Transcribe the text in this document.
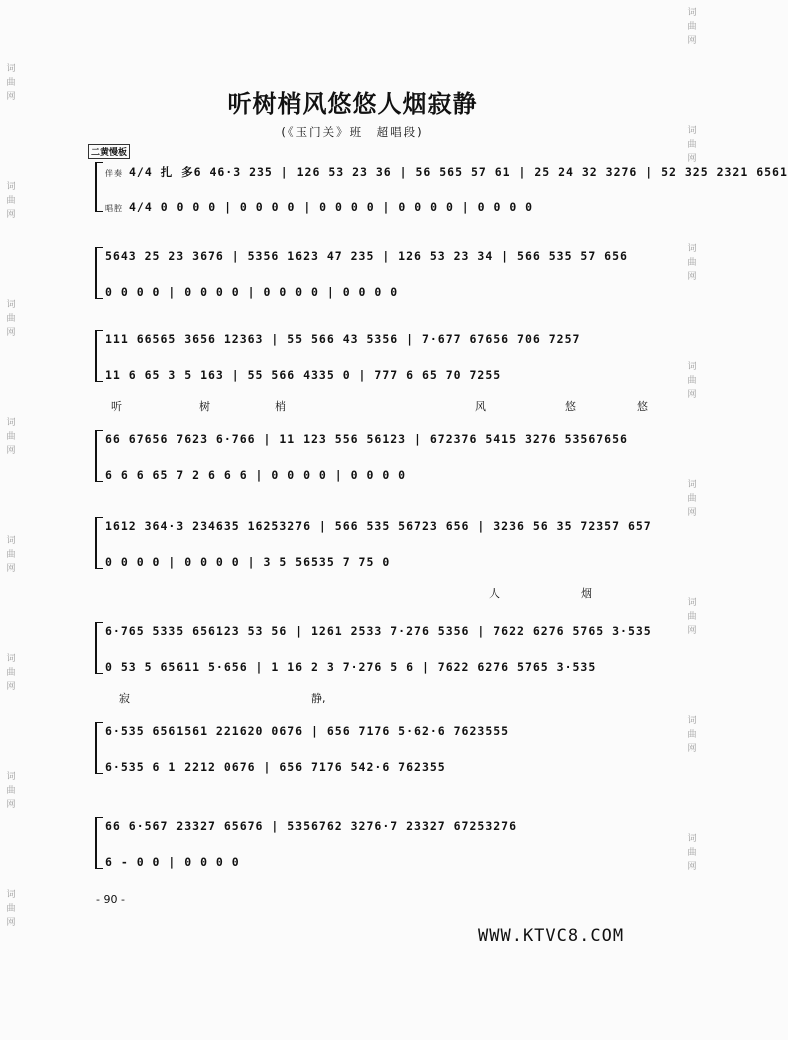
词
曲
网
词
曲
网
词
曲
网
词
曲
网
词
曲
网
词
曲
网
词
曲
网
词
曲
网
词
曲
网
词
曲
网
词
曲
网
词
曲
网
词
曲
网
词
曲
网
词
曲
网
词
曲
网
听树梢风悠悠人烟寂静
(《玉门关》班　超唱段)
二黄慢板
伴奏 4/4 扎 多6 46·3 235 | 126 53 23 36 | 56 565 57 61 | 25 24 32 3276 | 52 325 2321 6561
唱腔 4/4 0 0 0 0 | 0 0 0 0 | 0 0 0 0 | 0 0 0 0 | 0 0 0 0
5643 25 23 3676 | 5356 1623 47 235 | 126 53 23 34 | 566 535 57 656
0 0 0 0 | 0 0 0 0 | 0 0 0 0 | 0 0 0 0
111 66565 3656 12363 | 55 566 43 5356 | 7·677 67656 706 7257
11 6 65 3 5 163 | 55 566 4335 0 | 777 6 65 70 7255
听	树	梢	风	悠	悠
66 67656 7623 6·766 | 11 123 556 56123 | 672376 5415 3276 53567656
6 6 6 65 7 2 6 6 6 | 0 0 0 0 | 0 0 0 0
1612 364·3 234635 16253276 | 566 535 56723 656 | 3236 56 35 72357 657
0 0 0 0 | 0 0 0 0 | 3 5 56535 7 75 0
人	烟
6·765 5335 656123 53 56 | 1261 2533 7·276 5356 | 7622 6276 5765 3·535
0 53 5 65611 5·656 | 1 16 2 3 7·276 5 6 | 7622 6276 5765 3·535
寂	静,
6·535 6561561 221620 0676 | 656 7176 5·62·6 7623555
6·535 6 1 2212 0676 | 656 7176 542·6 762355
66 6·567 23327 65676 | 5356762 3276·7 23327 67253276
6 - 0 0 | 0 0 0 0
- 90 -
WWW.KTVC8.COM
